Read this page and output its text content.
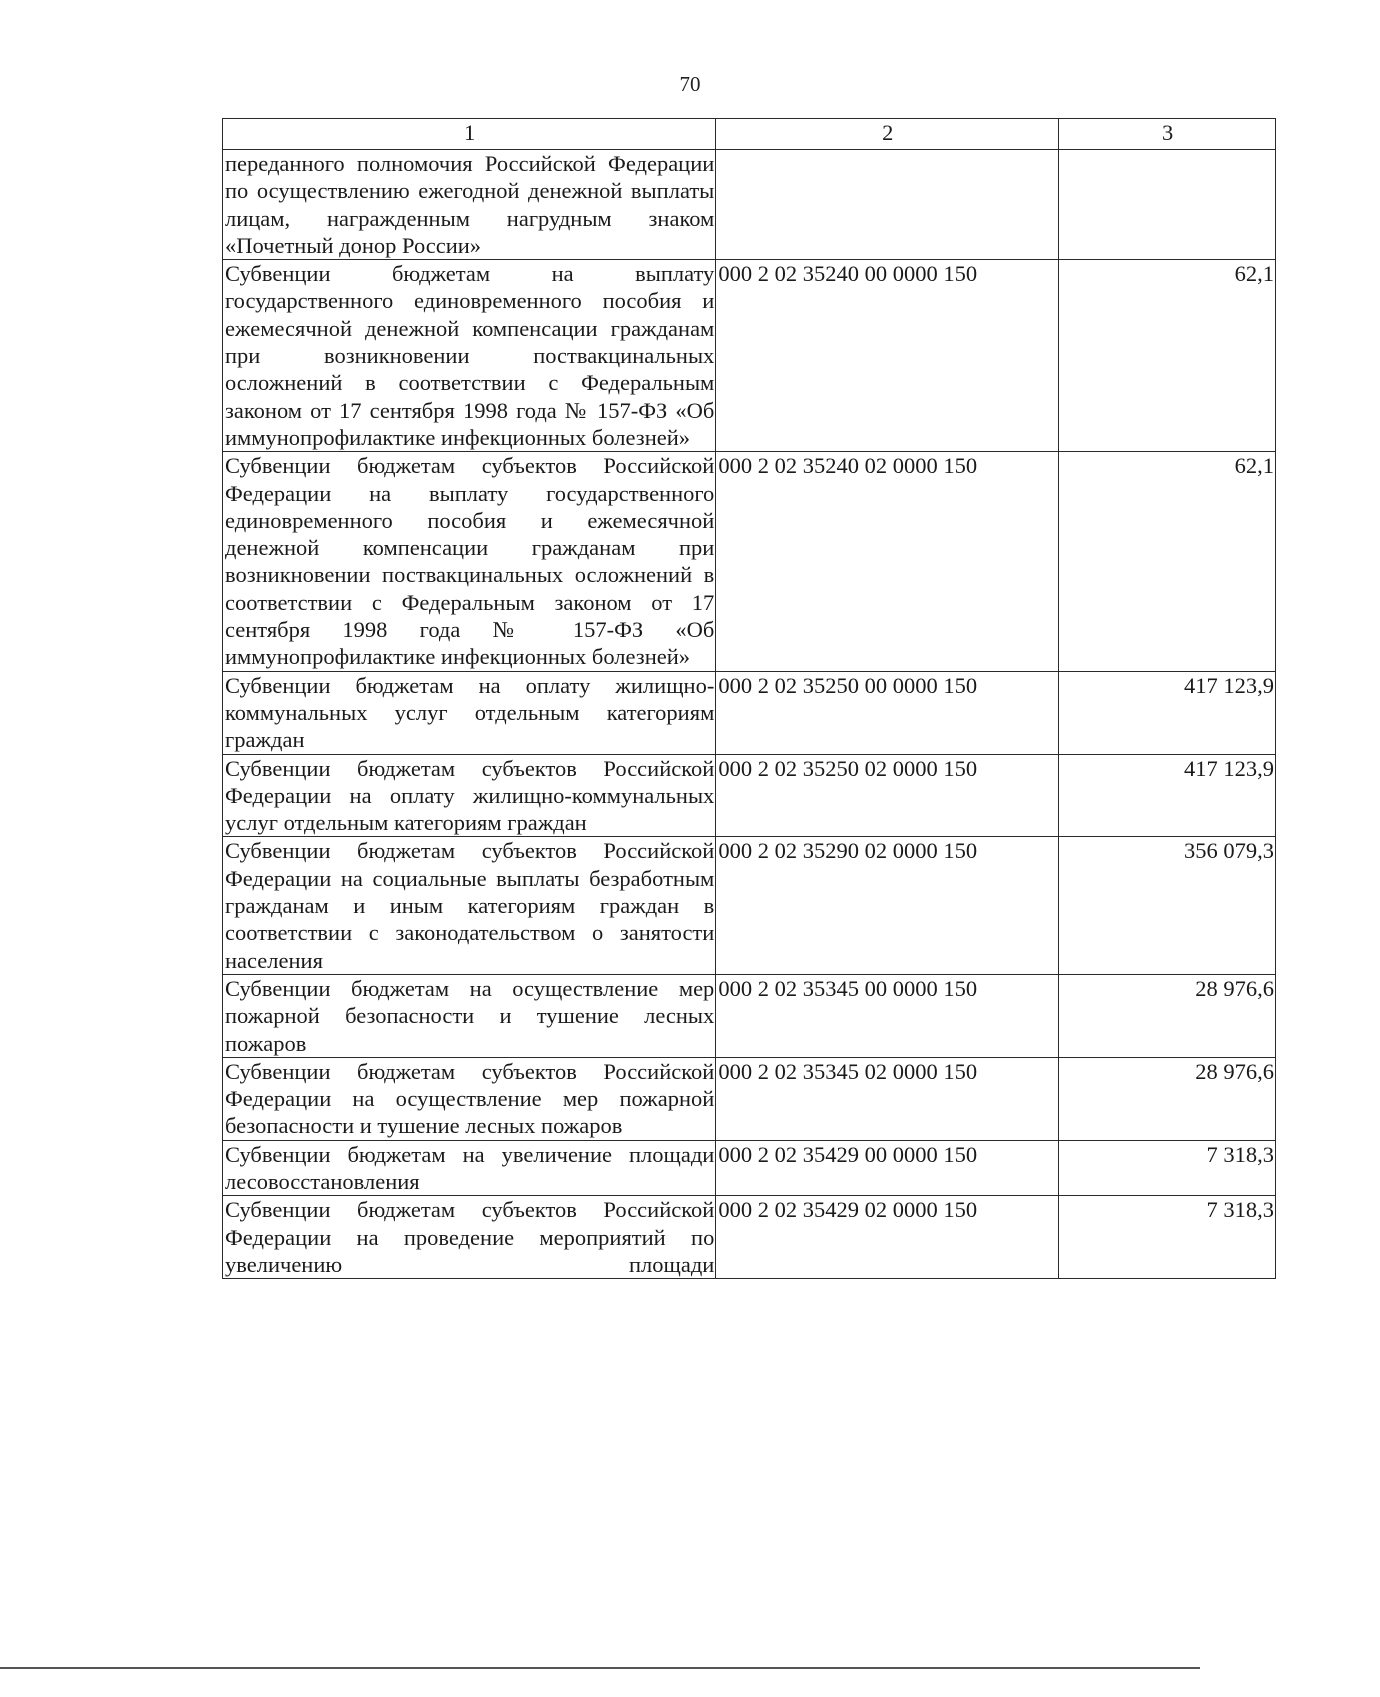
70
1	2	3
переданного полномочия Российской Федерации по осуществлению ежегодной денежной выплаты лицам, награжденным нагрудным знаком «Почетный донор России»		
Субвенции бюджетам на выплату государственного единовременного пособия и ежемесячной денежной компенсации гражданам при возникновении поствакцинальных осложнений в соответствии с Федеральным законом от 17 сентября 1998 года № 157-ФЗ «Об иммунопрофилактике инфекционных болезней»	000 2 02 35240 00 0000 150	62,1
Субвенции бюджетам субъектов Российской Федерации на выплату государственного единовременного пособия и ежемесячной денежной компенсации гражданам при возникновении поствакцинальных осложнений в соответствии с Федеральным законом от 17 сентября 1998 года № 157-ФЗ «Об иммунопрофилактике инфекционных болезней»	000 2 02 35240 02 0000 150	62,1
Субвенции бюджетам на оплату жилищно-коммунальных услуг отдельным категориям граждан	000 2 02 35250 00 0000 150	417 123,9
Субвенции бюджетам субъектов Российской Федерации на оплату жилищно-коммунальных услуг отдельным категориям граждан	000 2 02 35250 02 0000 150	417 123,9
Субвенции бюджетам субъектов Российской Федерации на социальные выплаты безработным гражданам и иным категориям граждан в соответствии с законодательством о занятости населения	000 2 02 35290 02 0000 150	356 079,3
Субвенции бюджетам на осуществление мер пожарной безопасности и тушение лесных пожаров	000 2 02 35345 00 0000 150	28 976,6
Субвенции бюджетам субъектов Российской Федерации на осуществление мер пожарной безопасности и тушение лесных пожаров	000 2 02 35345 02 0000 150	28 976,6
Субвенции бюджетам на увеличение площади лесовосстановления	000 2 02 35429 00 0000 150	7 318,3
Субвенции бюджетам субъектов Российской Федерации на проведение мероприятий по увеличению площади	000 2 02 35429 02 0000 150	7 318,3
